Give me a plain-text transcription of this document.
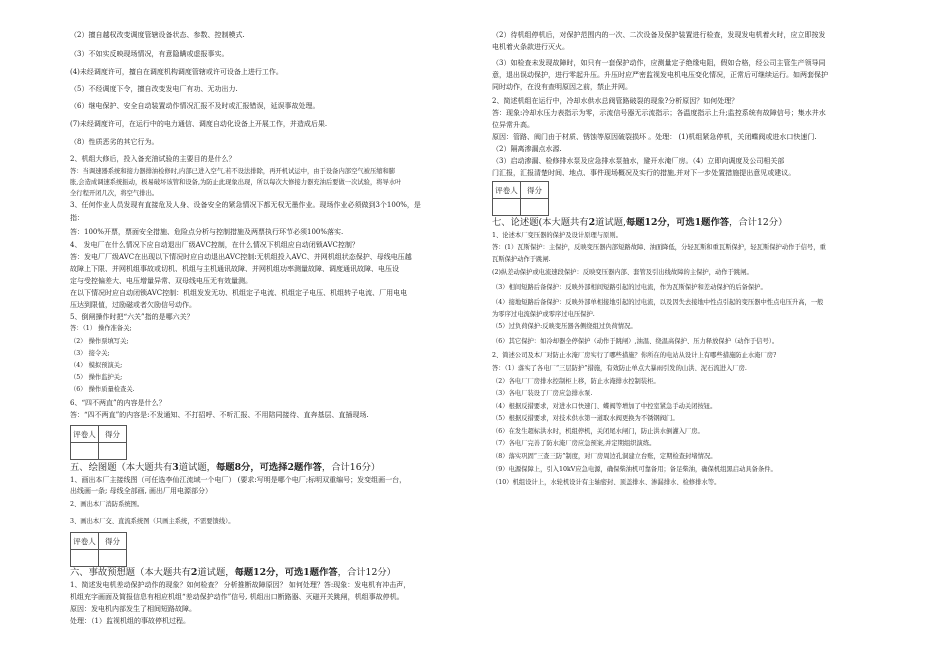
（2）擅自越权改变调度管辖设备状态、参数、控制模式.
（3）不如实反映现场情况，有意隐瞒或虚报事实。
(4)未经调度许可，擅自在调度机构调度管辖或许可设备上进行工作。
（5）不经调度下令，擅自改变发电厂有功、无功出力.
（6）继电保护、安全自动装置动作情况汇报不及时或汇报错误，延误事故处理。
(7)未经调度许可，在运行中的电力通信、调度自动化设备上开展工作，并造成后果.
（8）性质恶劣的其它行为。
2、机组大修后，投入备充油试验的主要目的是什么？
答：当调速器系统和接力器排油检修时,内部已进入空气,若不设法排除，再开机试运中，由于设备内部空气被压缩和膨
胀,会造成调速系统振动，极易破坏该管和设备,为防止此现象出现，所以每次大修接力器充油后要做一次试验，将导水叶
全行程开闭几次，将空气排出。
3、任何作业人员发现有直接危及人身、设备安全的紧急情况下都无权无墨作业。现场作业必须做到3个100%，是
指：
答：100%开票，票面安全措施、危险点分析与控制措施及两票执行环节必须100%落实.
4、 发电厂在什么情况下应自动退出厂级AVC控制，在什么情况下机组应自动闭锁AVC控制？
答：发电厂厂级AVC在出现以下情况时应自动退出AVC控制:无机组投入AVC、并网机组状态保护、母线电压越
故障上下限、并网机组事故或切机、机组与主机通讯故障、并网机组功率测量故障、调度通讯故障、电压设
定与受控偏差大、电压增量异常、双母线电压无有效量测。
在以下情况时应自动闭锁AVC控制：机组发发无功、机组定子电流、机组定子电压、机组转子电流、厂用电电
压达到限值，过励磁或者欠励信号动作。
5、倒闸操作时把“六关”指的是哪六关？
答：（1） 操作准备关;
（2） 操作票填写关;
（3） 接令关;
（4） 模拟预演关;
（5） 操作监护关;
（6） 操作质量检查关.
6、“四不两直”的内容是什么？
答：“四不两直”的内容是:不发通知、不打招呼、不听汇报、不用陪同接待、直奔基层、直插现场.
（2）待机组停机后，对保护范围内的一次、二次设备及保护装置进行检查，发现发电机着火时，应立即按发
电机着火条款进行灭火。
（3）如检查未发现故障时，如只有一套保护动作，应测量定子绝缘电阻，假如合格，经公司主管生产领导同
意，退出误动保护，进行零起升压。升压时应严密监视发电机电压变化情况，正常后可继续运行。如两套保护
同时动作，在没有查明原因之前，禁止并网。
2、简述机组在运行中，冷却水供水总阀管路破裂的现象?分析原因？如何处理？
答：现象:冷却水压力表指示为零，示流信号器无示流指示；各温度指示上升;监控系统有故障信号；集水井水
位异常升高。
原因：管路、阀门由于材质、锈蚀等原因破裂损坏 。处理： (1)机组紧急停机，关闭蝶阀或进水口快速门.
（2）隔离渗漏点水源.
（3）启动渗漏、检修排水泵及应急排水泵抽水，避开水淹厂房。（4）立即向调度及公司相关部
门汇报，汇报清楚时间、地点、事件现场概况及实行的措施,并对下一步处置措施提出意见或建议。
评卷人	得分

五、绘图题（本大题共有3道试题，每题8分，可选择2题作答，合计16分）
1、画出本厂主接线图（可任选李仙江流域一个电厂） (要求:写明是哪个电厂;标明双重编号；发变组画一台，
出线画一条; 母线全部画, 画出厂用电源部分）
2、画出本厂消防系统图。
3、画出本厂交、直流系统图（只画主系统，不需要馈线）。
评卷人	得分

六、事故预想题（本大题共有2道试题，每题12分，可选1题作答，合计12分）
1、简述发电机差动保护动作的现象？如何检查？ 分析推断故障原因？ 如何处理？答:现象：发电机有冲击声，
机组充字画面及简报信息有相应机组“差动保护动作”信号, 机组出口断路器、灭磁开关跳闸，机组事故停机。
原因：发电机内部发生了相间短路故障。
处理：（1）监视机组的事故停机过程。
评卷人	得分

七、论述题(本大题共有2道试题,每题12分，可选1题作答，合计12分）
1、论述本厂变压器的保护及设计原理与原则。
答：(1）瓦斯保护：主保护，反映变压器内部短路故障、油面降低，分轻瓦斯和重瓦斯保护，轻瓦斯保护动作于信号，重
瓦斯保护动作于跳闸.
(2)纵差动保护或电流速段保护：反映变压器内部、套管及引出线故障的主保护，动作于跳闸。
（3）相间短路后备保护：反映外部相间短路引起的过电流，作为瓦斯保护和差动保护的后备保护。
（4）接地短路后备保护：反映外部单相接地引起的过电流，以及因失去接地中性点引起的变压器中性点电压升高，一般
为零序过电流保护或零序过电压保护.
（5）过负荷保护:反映变压器各侧绕组过负荷情况。
（6）其它保护：如冷却器全停保护（动作于跳闸）,油温、绕温高保护、压力释放保护（动作于信号）。
2、简述公司及本厂对防止水淹厂房实行了哪些措施？你所在的电站从设计上有哪些措施防止水淹厂房?
答：（1）落实了各电厂“三层防护”措施，有效防止单点大暴雨引发的山洪、泥石流进入厂房.
（2）各电厂厂房排水控制柜上移，防止水淹排水控制装柜。
（3）各电厂装设了厂房应急排水泵.
（4）根据反措要求，对进水口快速门、蝶阀等增加了中控室紧急手动关闭按钮。
（5）根据反措要求，对技术供水第一道取水阀更换为不锈钢阀门。
（6）在发生超标洪水时，机组停机，关闭尾水闸门，防止洪水倒灌入厂房。
（7）各电厂完善了防水淹厂房应急预案,并定期组织演练。
（8）落实巩固“三查三防”制度，对厂房周边孔洞建立台账，定期检查封堵情况。
（9）电源保障上，引入10kV应急电源，确保柴油机可靠备用；备足柴油，确保机组黑启动具备条件。
（10）机组设计上，水轮机设计有主轴密封、顶盖排水、渗漏排水、检修排水等。
